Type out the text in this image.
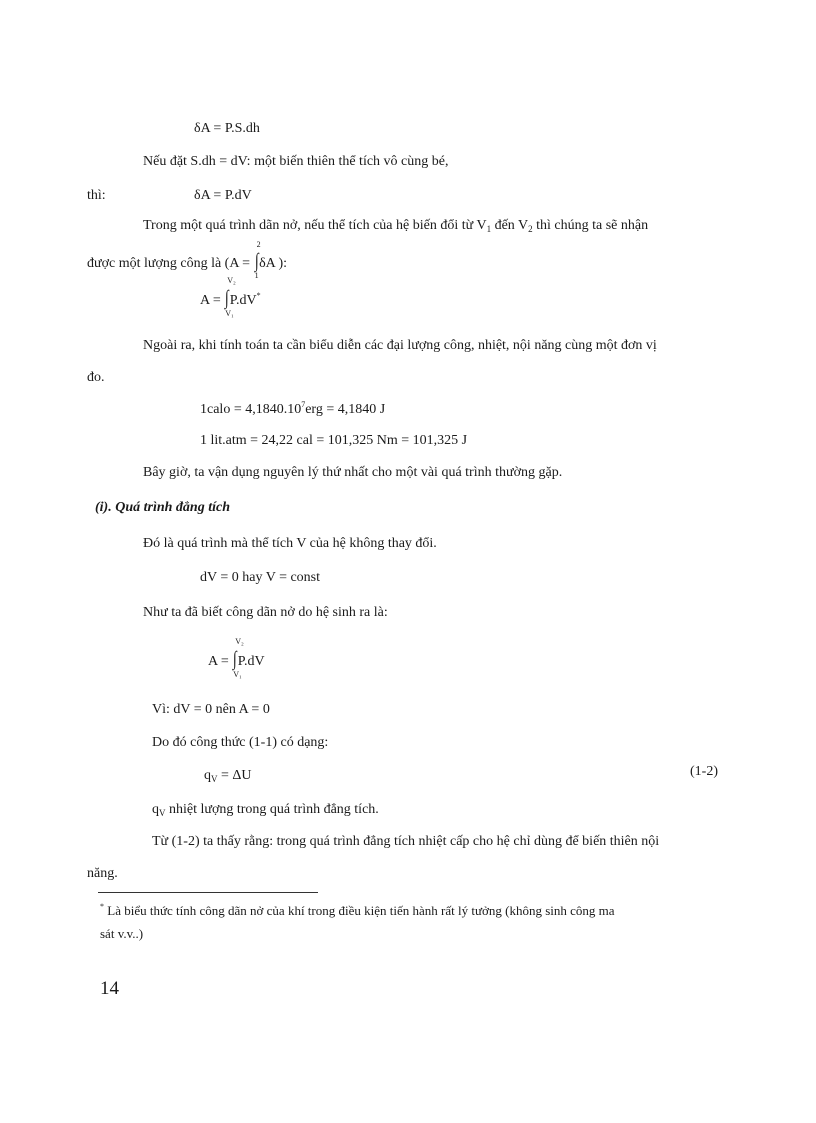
δA = P.S.dh
Nếu đặt S.dh = dV: một biến thiên thể tích vô cùng bé,
thì:	δA = P.dV
Trong một quá trình dãn nở, nếu thể tích của hệ biến đổi từ $V_1$ đến $V_2$ thì chúng ta sẽ nhận
được một lượng công là (A =
2
∫
1
δA ):
A =
V₂
∫
V₁
P.dV*
Ngoài ra, khi tính toán ta cần biểu diễn các đại lượng công, nhiệt, nội năng cùng một đơn vị
đo.
1calo = $4,1840.10^7erg = 4,1840$ J
1 lit.atm = 24,22 cal = 101,325 Nm = 101,325 J
Bây giờ, ta vận dụng nguyên lý thứ nhất cho một vài quá trình thường gặp.
(i). Quá trình đẳng tích
Đó là quá trình mà thể tích V của hệ không thay đổi.
dV = 0 hay V = const
Như ta đã biết công dãn nở do hệ sinh ra là:
A =
V₂
∫
V₁
P.dV
Vì: dV = 0 nên A = 0
Do đó công thức (1-1) có dạng:
$q_V = \Delta U$	(1-2)
$q_V$ nhiệt lượng trong quá trình đẳng tích.
Từ (1-2) ta thấy rằng: trong quá trình đẳng tích nhiệt cấp cho hệ chỉ dùng để biến thiên nội
năng.
* Là biểu thức tính công dãn nở của khí trong điều kiện tiến hành rất lý tưởng (không sinh công ma
sát v.v..)
14
